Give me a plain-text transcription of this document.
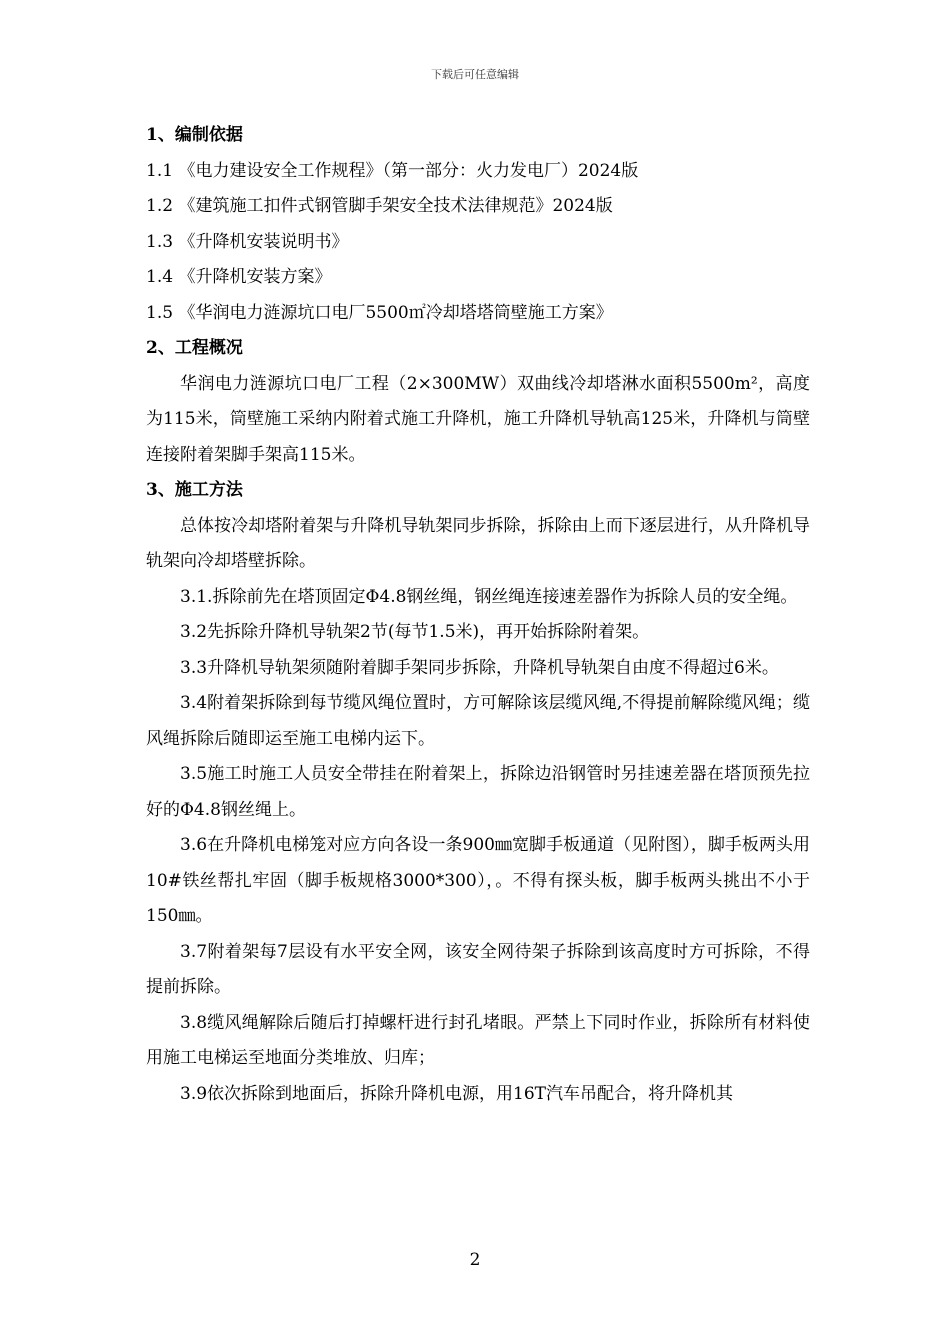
下载后可任意编辑

1、编制依据

1.1 《电力建设安全工作规程》（第一部分：火力发电厂）2024版

1.2 《建筑施工扣件式钢管脚手架安全技术法律规范》2024版

1.3 《升降机安装说明书》

1.4 《升降机安装方案》

1.5 《华润电力涟源坑口电厂5500㎡冷却塔塔筒壁施工方案》

2、工程概况

华润电力涟源坑口电厂工程（2×300MW）双曲线冷却塔淋水面积5500m²，高度为115米，筒壁施工采纳内附着式施工升降机，施工升降机导轨高125米，升降机与筒壁连接附着架脚手架高115米。

3、施工方法

总体按冷却塔附着架与升降机导轨架同步拆除，拆除由上而下逐层进行，从升降机导轨架向冷却塔壁拆除。

3.1.拆除前先在塔顶固定Φ4.8钢丝绳，钢丝绳连接速差器作为拆除人员的安全绳。

3.2先拆除升降机导轨架2节(每节1.5米)，再开始拆除附着架。

3.3升降机导轨架须随附着脚手架同步拆除，升降机导轨架自由度不得超过6米。

3.4附着架拆除到每节缆风绳位置时，方可解除该层缆风绳,不得提前解除缆风绳；缆风绳拆除后随即运至施工电梯内运下。

3.5施工时施工人员安全带挂在附着架上，拆除边沿钢管时另挂速差器在塔顶预先拉好的Φ4.8钢丝绳上。

3.6在升降机电梯笼对应方向各设一条900㎜宽脚手板通道（见附图），脚手板两头用10#铁丝帮扎牢固（脚手板规格3000*300），。不得有探头板，脚手板两头挑出不小于150㎜。

3.7附着架每7层设有水平安全网，该安全网待架子拆除到该高度时方可拆除，不得提前拆除。

3.8缆风绳解除后随后打掉螺杆进行封孔堵眼。严禁上下同时作业，拆除所有材料使用施工电梯运至地面分类堆放、归库；

3.9依次拆除到地面后，拆除升降机电源，用16T汽车吊配合，将升降机其

2
